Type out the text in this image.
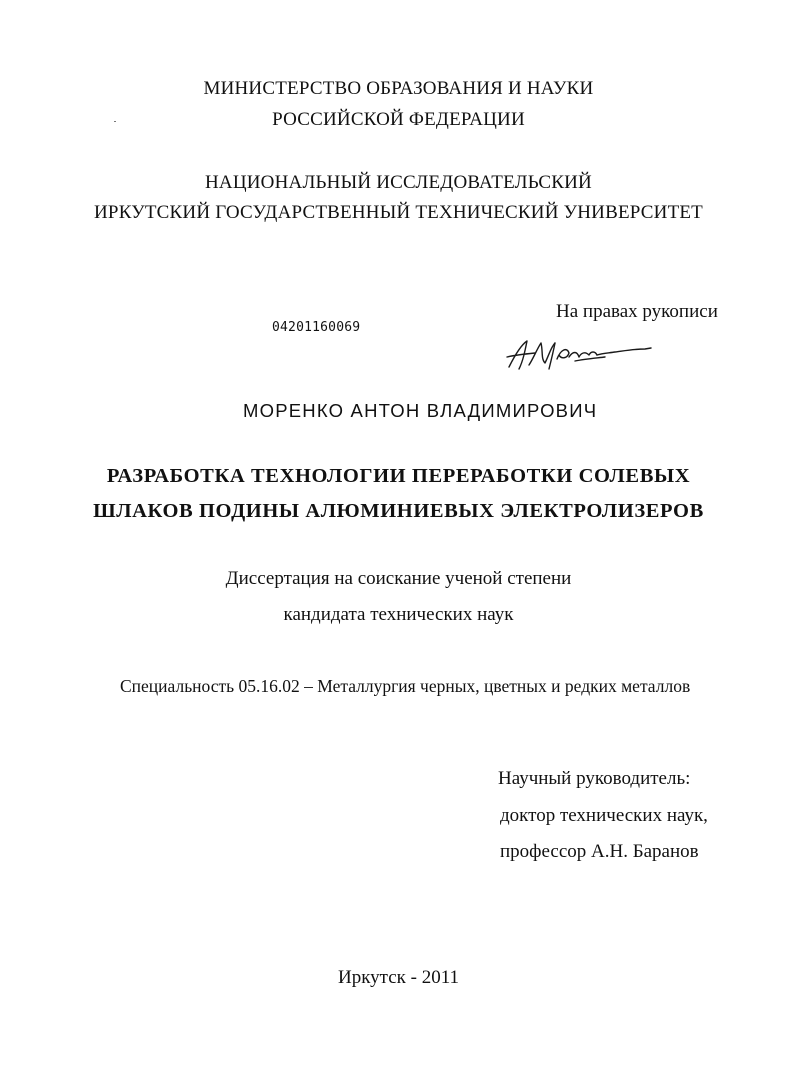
МИНИСТЕРСТВО ОБРАЗОВАНИЯ И НАУКИ
РОССИЙСКОЙ ФЕДЕРАЦИИ
НАЦИОНАЛЬНЫЙ ИССЛЕДОВАТЕЛЬСКИЙ
ИРКУТСКИЙ ГОСУДАРСТВЕННЫЙ ТЕХНИЧЕСКИЙ УНИВЕРСИТЕТ
04201160069
На правах рукописи
МОРЕНКО АНТОН ВЛАДИМИРОВИЧ
РАЗРАБОТКА ТЕХНОЛОГИИ ПЕРЕРАБОТКИ СОЛЕВЫХ
ШЛАКОВ ПОДИНЫ АЛЮМИНИЕВЫХ ЭЛЕКТРОЛИЗЕРОВ
Диссертация на соискание ученой степени
кандидата технических наук
Специальность 05.16.02 – Металлургия черных, цветных и редких металлов
Научный руководитель:
доктор технических наук,
профессор А.Н. Баранов
Иркутск - 2011
